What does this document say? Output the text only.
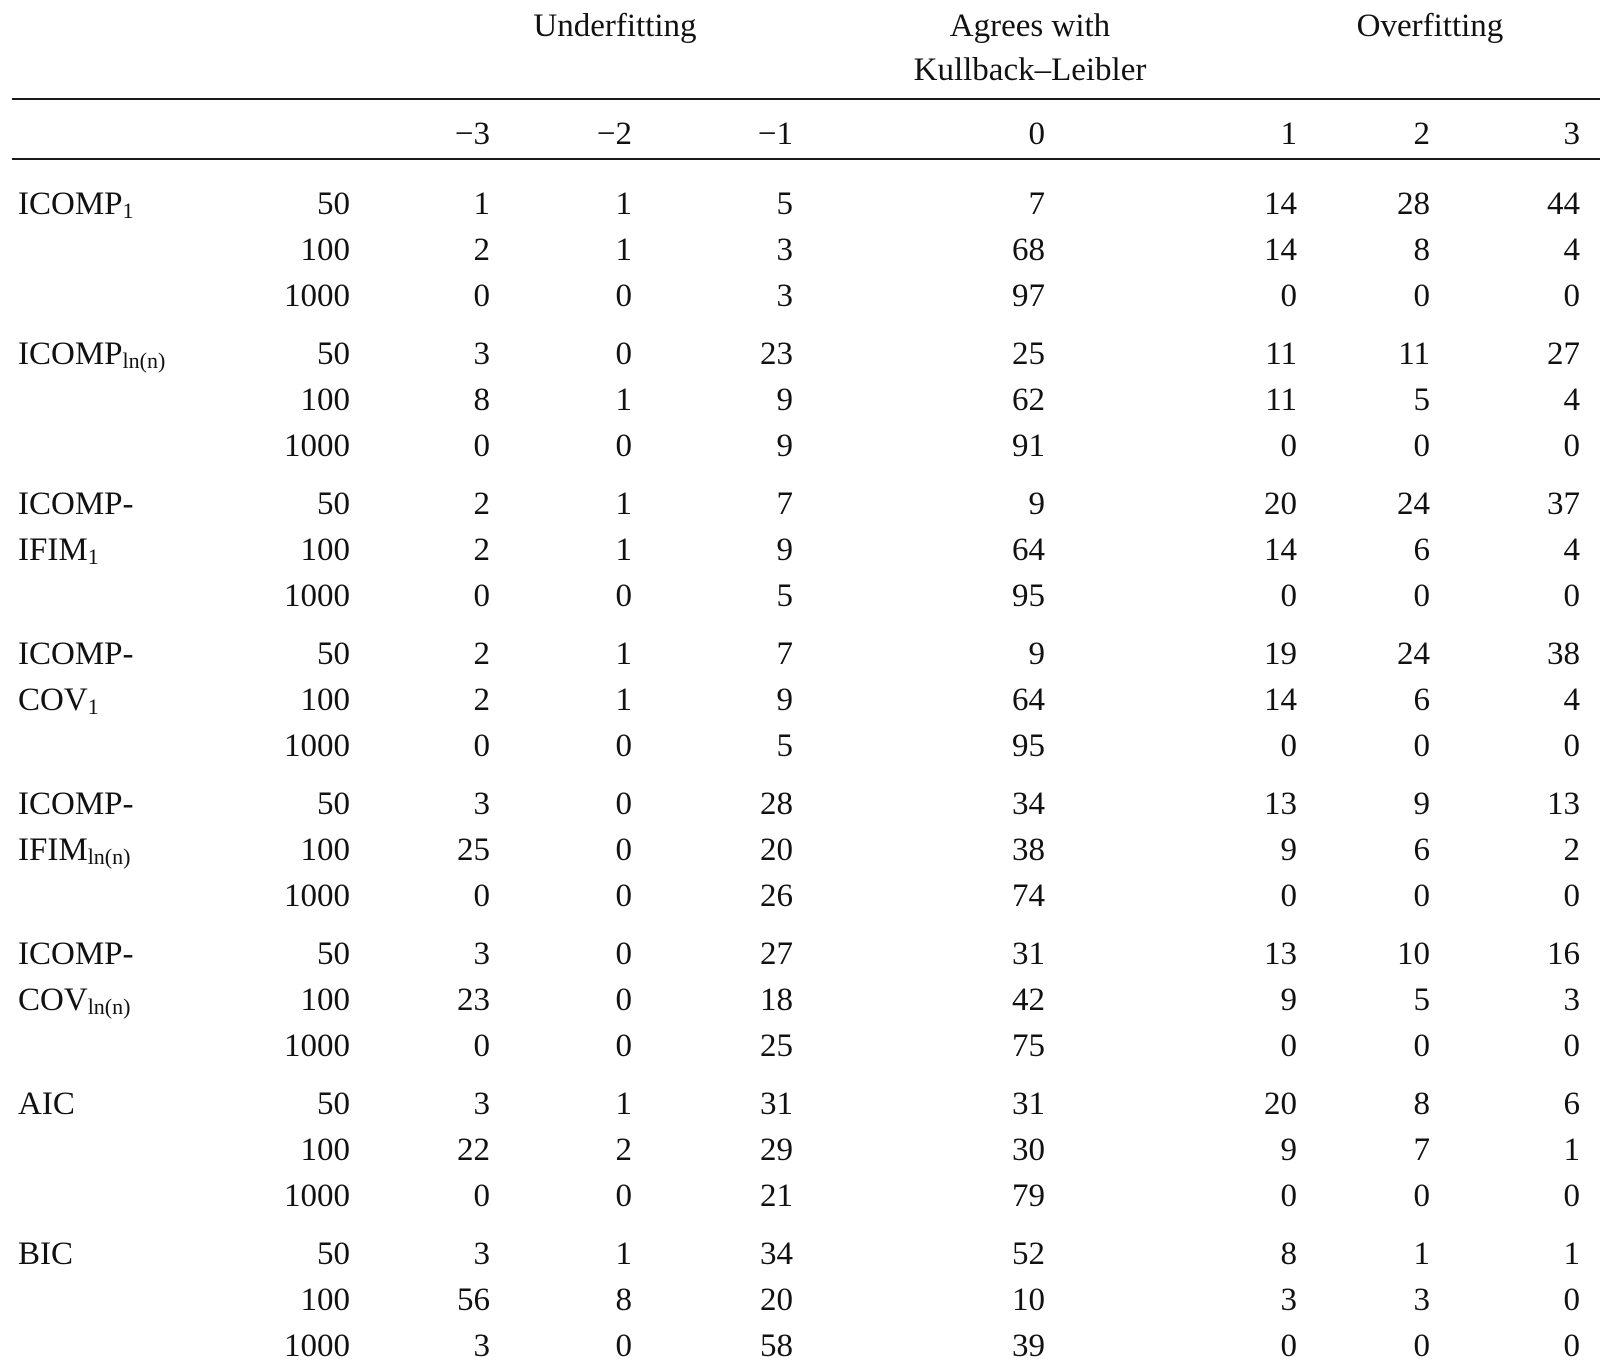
Underfitting	Agrees with
Kullback–Leibler
Overfitting
−3	−2	−1	0	1	2	3
$ICOMP_1$	50	1	1	5	7	14	28	44
100	2	1	3	68	14	8	4
1000	0	0	3	97	0	0	0
$ICOMP_{ln(n)}$	50	3	0	23	25	11	11	27
100	8	1	9	62	11	5	4
1000	0	0	9	91	0	0	0
ICOMP-
$IFIM_1$
50	2	1	7	9	20	24	37
100	2	1	9	64	14	6	4
1000	0	0	5	95	0	0	0
ICOMP-
$COV_1$
50	2	1	7	9	19	24	38
100	2	1	9	64	14	6	4
1000	0	0	5	95	0	0	0
ICOMP-
$IFIM_{ln(n)}$
50	3	0	28	34	13	9	13
100	25	0	20	38	9	6	2
1000	0	0	26	74	0	0	0
ICOMP-
$COV_{ln(n)}$
50	3	0	27	31	13	10	16
100	23	0	18	42	9	5	3
1000	0	0	25	75	0	0	0
AIC	50	3	1	31	31	20	8	6
100	22	2	29	30	9	7	1
1000	0	0	21	79	0	0	0
BIC	50	3	1	34	52	8	1	1
100	56	8	20	10	3	3	0
1000	3	0	58	39	0	0	0
